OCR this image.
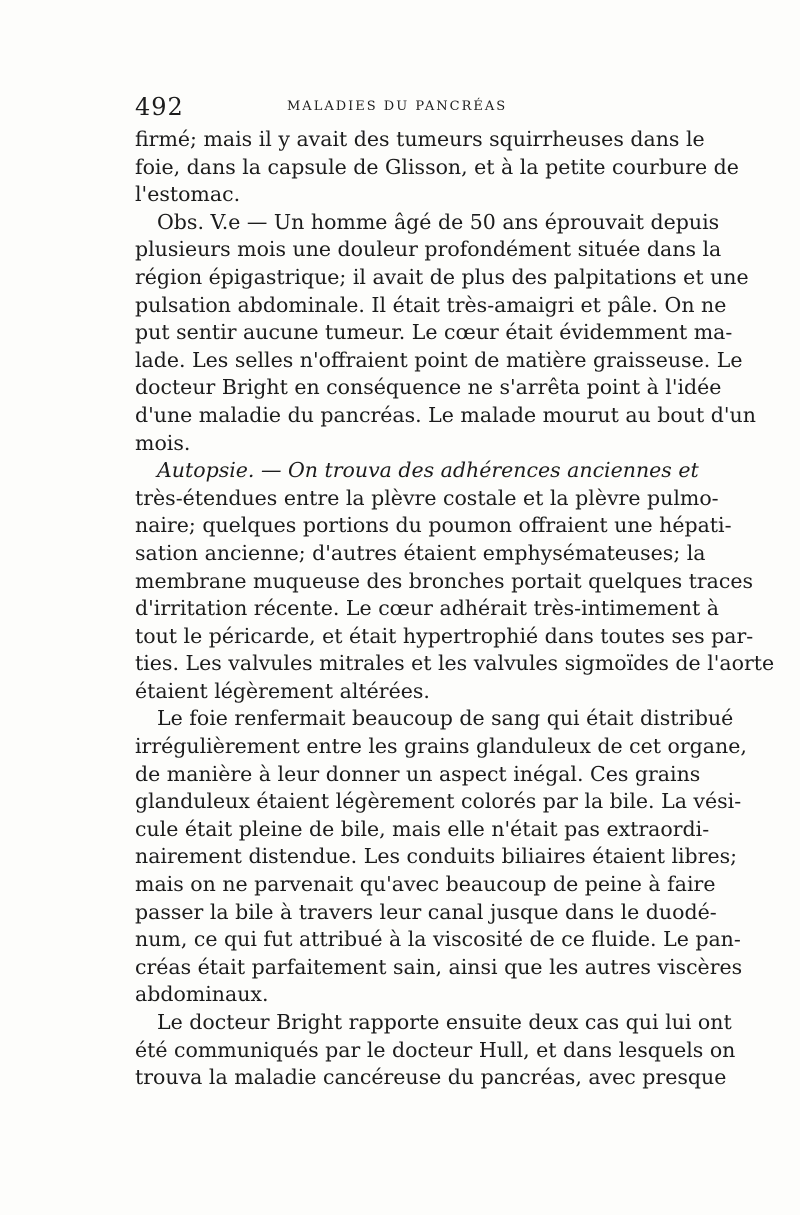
492	MALADIES DU PANCRÉAS
firmé; mais il y avait des tumeurs squirrheuses dans le
foie, dans la capsule de Glisson, et à la petite courbure de
l'estomac.
Obs. V.e — Un homme âgé de 50 ans éprouvait depuis
plusieurs mois une douleur profondément située dans la
région épigastrique; il avait de plus des palpitations et une
pulsation abdominale. Il était très-amaigri et pâle. On ne
put sentir aucune tumeur. Le cœur était évidemment ma-
lade. Les selles n'offraient point de matière graisseuse. Le
docteur Bright en conséquence ne s'arrêta point à l'idée
d'une maladie du pancréas. Le malade mourut au bout d'un
mois.
Autopsie. — On trouva des adhérences anciennes et
très-étendues entre la plèvre costale et la plèvre pulmo-
naire; quelques portions du poumon offraient une hépati-
sation ancienne; d'autres étaient emphysémateuses; la
membrane muqueuse des bronches portait quelques traces
d'irritation récente. Le cœur adhérait très-intimement à
tout le péricarde, et était hypertrophié dans toutes ses par-
ties. Les valvules mitrales et les valvules sigmoïdes de l'aorte
étaient légèrement altérées.
Le foie renfermait beaucoup de sang qui était distribué
irrégulièrement entre les grains glanduleux de cet organe,
de manière à leur donner un aspect inégal. Ces grains
glanduleux étaient légèrement colorés par la bile. La vési-
cule était pleine de bile, mais elle n'était pas extraordi-
nairement distendue. Les conduits biliaires étaient libres;
mais on ne parvenait qu'avec beaucoup de peine à faire
passer la bile à travers leur canal jusque dans le duodé-
num, ce qui fut attribué à la viscosité de ce fluide. Le pan-
créas était parfaitement sain, ainsi que les autres viscères
abdominaux.
Le docteur Bright rapporte ensuite deux cas qui lui ont
été communiqués par le docteur Hull, et dans lesquels on
trouva la maladie cancéreuse du pancréas, avec presque
